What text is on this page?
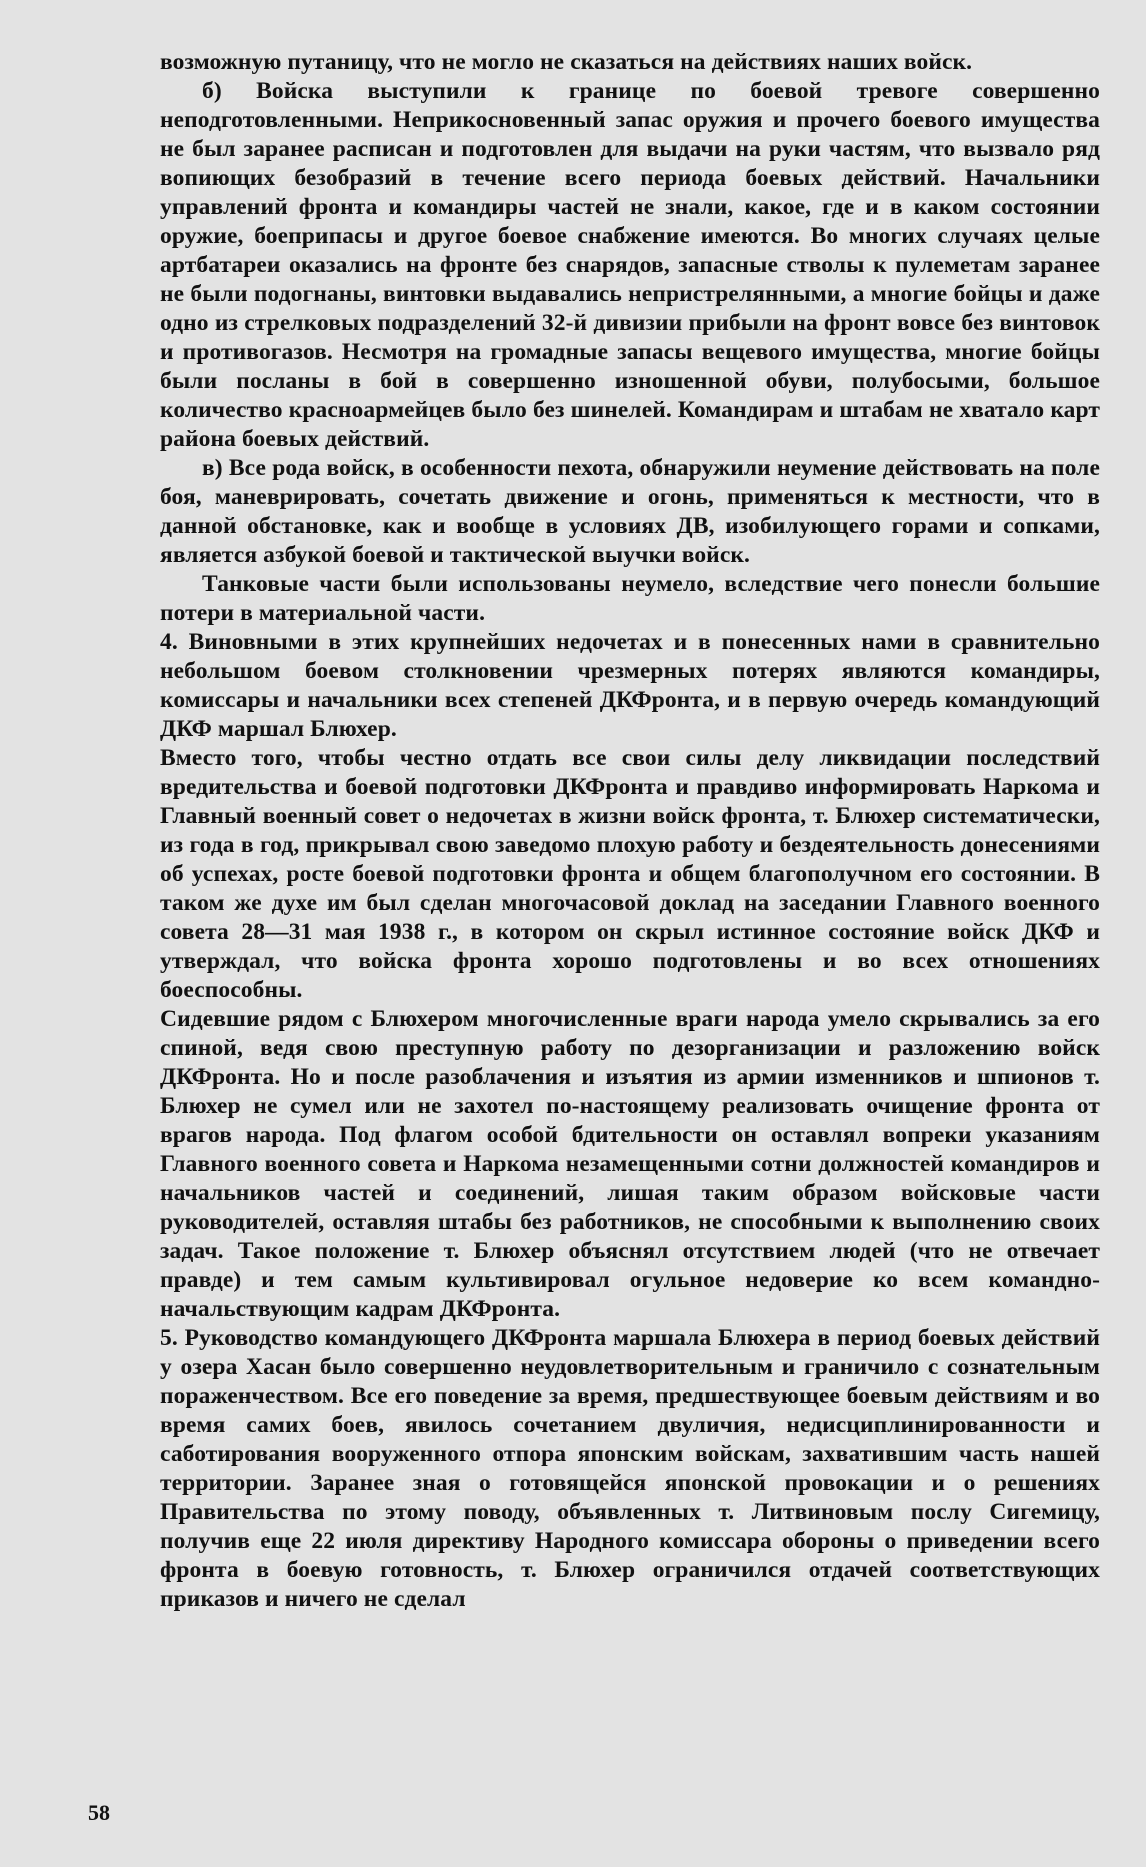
возможную путаницу, что не могло не сказаться на действиях наших войск.

б) Войска выступили к границе по боевой тревоге совершенно неподготовленными. Неприкосновенный запас оружия и прочего боевого имущества не был заранее расписан и подготовлен для выдачи на руки частям, что вызвало ряд вопиющих безобразий в течение всего периода боевых действий. Начальники управлений фронта и командиры частей не знали, какое, где и в каком состоянии оружие, боеприпасы и другое боевое снабжение имеются. Во многих случаях целые артбатареи оказались на фронте без снарядов, запасные стволы к пулеметам заранее не были подогнаны, винтовки выдавались непристрелянными, а многие бойцы и даже одно из стрелковых подразделений 32-й дивизии прибыли на фронт вовсе без винтовок и противогазов. Несмотря на громадные запасы вещевого имущества, многие бойцы были посланы в бой в совершенно изношенной обуви, полубосыми, большое количество красноармейцев было без шинелей. Командирам и штабам не хватало карт района боевых действий.

в) Все рода войск, в особенности пехота, обнаружили неумение действовать на поле боя, маневрировать, сочетать движение и огонь, применяться к местности, что в данной обстановке, как и вообще в условиях ДВ, изобилующего горами и сопками, является азбукой боевой и тактической выучки войск.

Танковые части были использованы неумело, вследствие чего понесли большие потери в материальной части.

4. Виновными в этих крупнейших недочетах и в понесенных нами в сравнительно небольшом боевом столкновении чрезмерных потерях являются командиры, комиссары и начальники всех степеней ДКФронта, и в первую очередь командующий ДКФ маршал Блюхер.

Вместо того, чтобы честно отдать все свои силы делу ликвидации последствий вредительства и боевой подготовки ДКФронта и правдиво информировать Наркома и Главный военный совет о недочетах в жизни войск фронта, т. Блюхер систематически, из года в год, прикрывал свою заведомо плохую работу и бездеятельность донесениями об успехах, росте боевой подготовки фронта и общем благополучном его состоянии. В таком же духе им был сделан многочасовой доклад на заседании Главного военного совета 28—31 мая 1938 г., в котором он скрыл истинное состояние войск ДКФ и утверждал, что войска фронта хорошо подготовлены и во всех отношениях боеспособны.

Сидевшие рядом с Блюхером многочисленные враги народа умело скрывались за его спиной, ведя свою преступную работу по дезорганизации и разложению войск ДКФронта. Но и после разоблачения и изъятия из армии изменников и шпионов т. Блюхер не сумел или не захотел по-настоящему реализовать очищение фронта от врагов народа. Под флагом особой бдительности он оставлял вопреки указаниям Главного военного совета и Наркома незамещенными сотни должностей командиров и начальников частей и соединений, лишая таким образом войсковые части руководителей, оставляя штабы без работников, не способными к выполнению своих задач. Такое положение т. Блюхер объяснял отсутствием людей (что не отвечает правде) и тем самым культивировал огульное недоверие ко всем командно-начальствующим кадрам ДКФронта.

5. Руководство командующего ДКФронта маршала Блюхера в период боевых действий у озера Хасан было совершенно неудовлетворительным и граничило с сознательным пораженчеством. Все его поведение за время, предшествующее боевым действиям и во время самих боев, явилось сочетанием двуличия, недисциплинированности и саботирования вооруженного отпора японским войскам, захватившим часть нашей территории. Заранее зная о готовящейся японской провокации и о решениях Правительства по этому поводу, объявленных т. Литвиновым послу Сигемицу, получив еще 22 июля директиву Народного комиссара обороны о приведении всего фронта в боевую готовность, т. Блюхер ограничился отдачей соответствующих приказов и ничего не сделал

58
